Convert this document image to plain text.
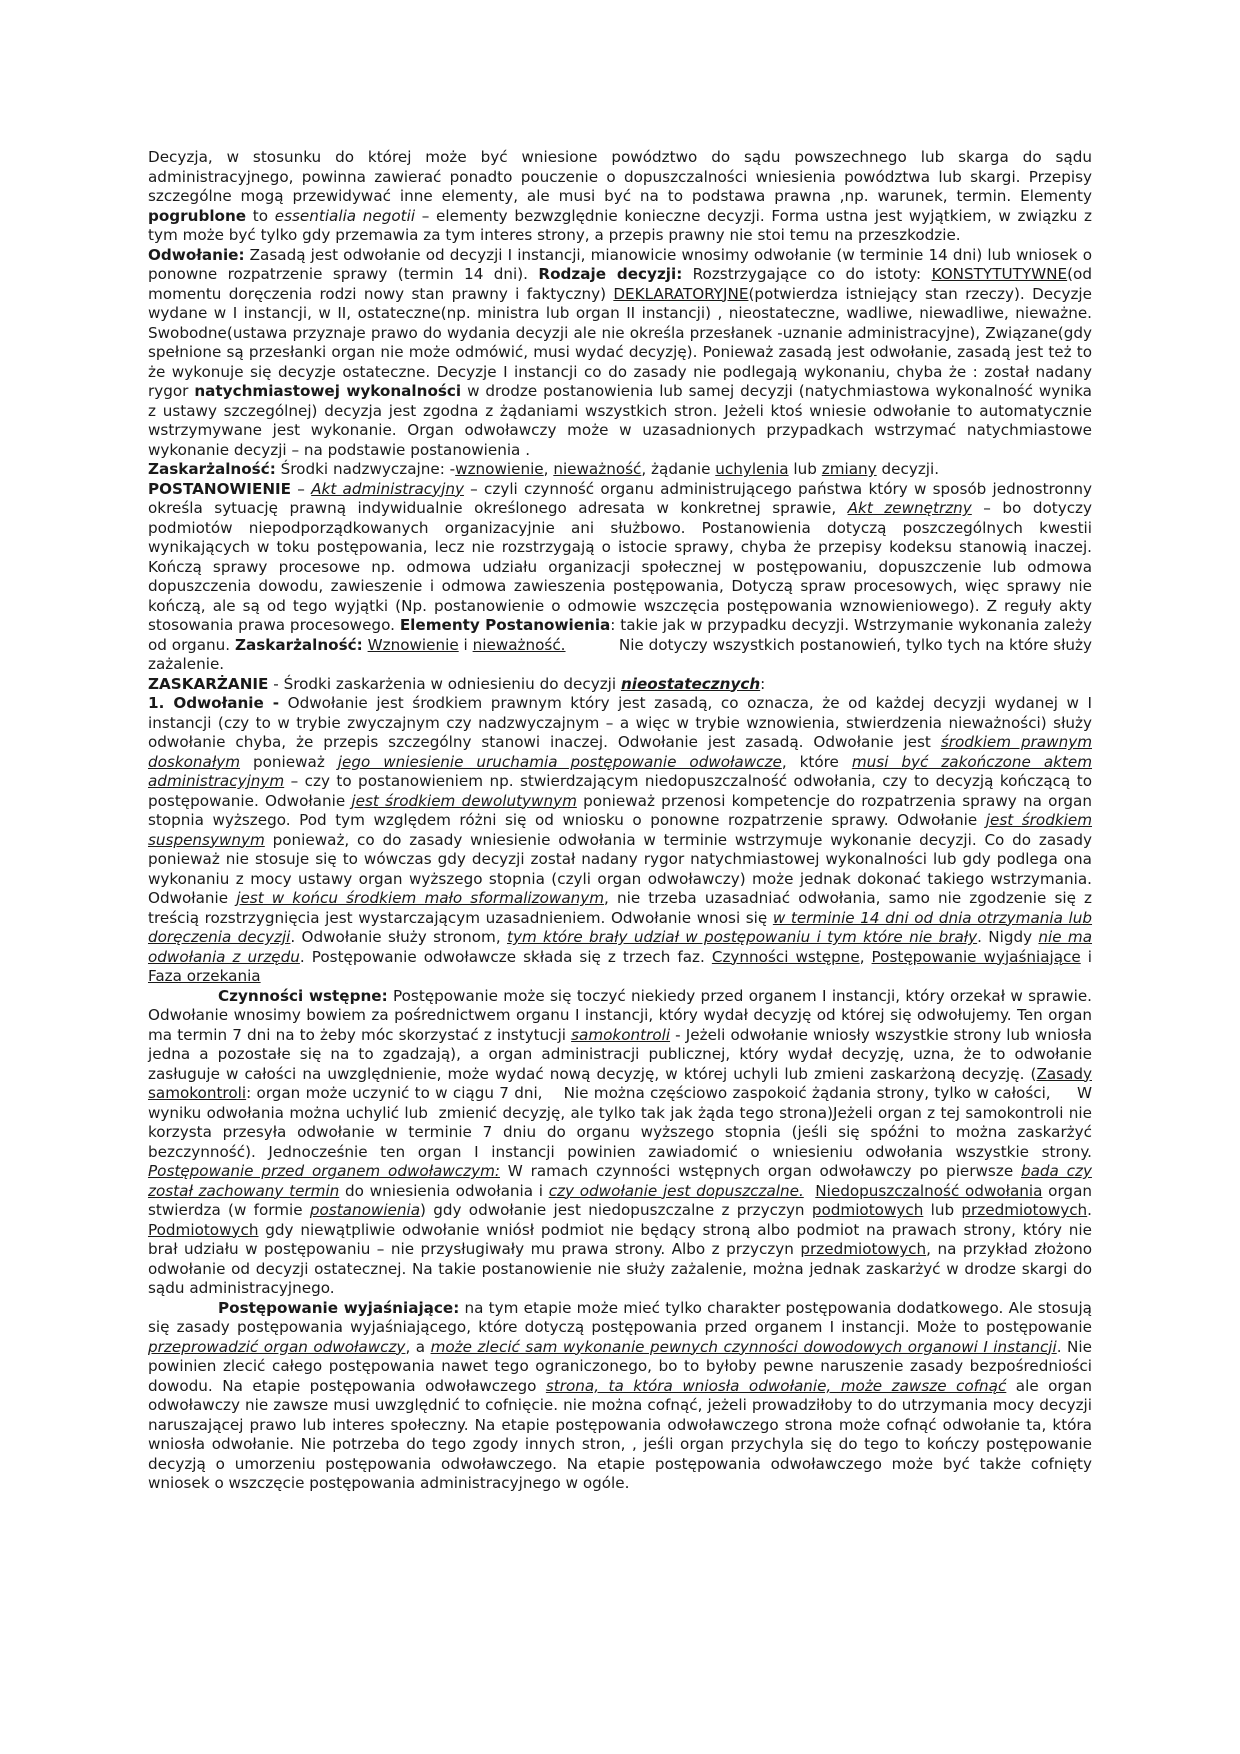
Decyzja, w stosunku do której może być wniesione powództwo do sądu powszechnego lub skarga do sądu administracyjnego, powinna zawierać ponadto pouczenie o dopuszczalności wniesienia powództwa lub skargi. Przepisy szczególne mogą przewidywać inne elementy, ale musi być na to podstawa prawna ,np. warunek, termin. Elementy pogrublone to essentialia negotii – elementy bezwzględnie konieczne decyzji. Forma ustna jest wyjątkiem, w związku z tym może być tylko gdy przemawia za tym interes strony, a przepis prawny nie stoi temu na przeszkodzie.

Odwołanie: Zasadą jest odwołanie od decyzji I instancji, mianowicie wnosimy odwołanie (w terminie 14 dni) lub wniosek o ponowne rozpatrzenie sprawy (termin 14 dni). Rodzaje decyzji: Rozstrzygające co do istoty: KONSTYTUTYWNE(od momentu doręczenia rodzi nowy stan prawny i faktyczny) DEKLARATORYJNE(potwierdza istniejący stan rzeczy). Decyzje wydane w I instancji, w II, ostateczne(np. ministra lub organ II instancji) , nieostateczne, wadliwe, niewadliwe, nieważne. Swobodne(ustawa przyznaje prawo do wydania decyzji ale nie określa przesłanek -uznanie administracyjne), Związane(gdy spełnione są przesłanki organ nie może odmówić, musi wydać decyzję). Ponieważ zasadą jest odwołanie, zasadą jest też to że wykonuje się decyzje ostateczne. Decyzje I instancji co do zasady nie podlegają wykonaniu, chyba że : został nadany rygor natychmiastowej wykonalności w drodze postanowienia lub samej decyzji (natychmiastowa wykonalność wynika z ustawy szczególnej) decyzja jest zgodna z żądaniami wszystkich stron. Jeżeli ktoś wniesie odwołanie to automatycznie wstrzymywane jest wykonanie. Organ odwoławczy może w uzasadnionych przypadkach wstrzymać natychmiastowe wykonanie decyzji – na podstawie postanowienia .

Zaskarżalność: Środki nadzwyczajne: -wznowienie, nieważność, żądanie uchylenia lub zmiany decyzji.

POSTANOWIENIE – Akt administracyjny – czyli czynność organu administrującego państwa który w sposób jednostronny określa sytuację prawną indywidualnie określonego adresata w konkretnej sprawie, Akt zewnętrzny – bo dotyczy podmiotów niepodporządkowanych organizacyjnie ani służbowo. Postanowienia dotyczą poszczególnych kwestii wynikających w toku postępowania, lecz nie rozstrzygają o istocie sprawy, chyba że przepisy kodeksu stanowią inaczej. Kończą sprawy procesowe np. odmowa udziału organizacji społecznej w postępowaniu, dopuszczenie lub odmowa dopuszczenia dowodu, zawieszenie i odmowa zawieszenia postępowania, Dotyczą spraw procesowych, więc sprawy nie kończą, ale są od tego wyjątki (Np. postanowienie o odmowie wszczęcia postępowania wznowieniowego). Z reguły akty stosowania prawa procesowego. Elementy Postanowienia: takie jak w przypadku decyzji. Wstrzymanie wykonania zależy od organu. Zaskarżalność: Wznowienie i nieważność.           Nie dotyczy wszystkich postanowień, tylko tych na które służy zażalenie.

ZASKARŻANIE - Środki zaskarżenia w odniesieniu do decyzji nieostatecznych:

1. Odwołanie - Odwołanie jest środkiem prawnym który jest zasadą, co oznacza, że od każdej decyzji wydanej w I instancji (czy to w trybie zwyczajnym czy nadzwyczajnym – a więc w trybie wznowienia, stwierdzenia nieważności) służy odwołanie chyba, że przepis szczególny stanowi inaczej. Odwołanie jest zasadą. Odwołanie jest środkiem prawnym doskonałym ponieważ jego wniesienie uruchamia postępowanie odwoławcze, które musi być zakończone aktem administracyjnym – czy to postanowieniem np. stwierdzającym niedopuszczalność odwołania, czy to decyzją kończącą to postępowanie. Odwołanie jest środkiem dewolutywnym ponieważ przenosi kompetencje do rozpatrzenia sprawy na organ stopnia wyższego. Pod tym względem różni się od wniosku o ponowne rozpatrzenie sprawy. Odwołanie jest środkiem suspensywnym ponieważ, co do zasady wniesienie odwołania w terminie wstrzymuje wykonanie decyzji. Co do zasady ponieważ nie stosuje się to wówczas gdy decyzji został nadany rygor natychmiastowej wykonalności lub gdy podlega ona wykonaniu z mocy ustawy organ wyższego stopnia (czyli organ odwoławczy) może jednak dokonać takiego wstrzymania. Odwołanie jest w końcu środkiem mało sformalizowanym, nie trzeba uzasadniać odwołania, samo nie zgodzenie się z treścią rozstrzygnięcia jest wystarczającym uzasadnieniem. Odwołanie wnosi się w terminie 14 dni od dnia otrzymania lub doręczenia decyzji. Odwołanie służy stronom, tym które brały udział w postępowaniu i tym które nie brały. Nigdy nie ma odwołania z urzędu. Postępowanie odwoławcze składa się z trzech faz. Czynności wstępne, Postępowanie wyjaśniające i Faza orzekania

Czynności wstępne: Postępowanie może się toczyć niekiedy przed organem I instancji, który orzekał w sprawie. Odwołanie wnosimy bowiem za pośrednictwem organu I instancji, który wydał decyzję od której się odwołujemy. Ten organ ma termin 7 dni na to żeby móc skorzystać z instytucji samokontroli - Jeżeli odwołanie wniosły wszystkie strony lub wniosła jedna a pozostałe się na to zgadzają), a organ administracji publicznej, który wydał decyzję, uzna, że to odwołanie zasługuje w całości na uwzględnienie, może wydać nową decyzję, w której uchyli lub zmieni zaskarżoną decyzję. (Zasady samokontroli: organ może uczynić to w ciągu 7 dni,    Nie można częściowo zaspokoić żądania strony, tylko w całości,     W wyniku odwołania można uchylić lub  zmienić decyzję, ale tylko tak jak żąda tego strona)Jeżeli organ z tej samokontroli nie korzysta przesyła odwołanie w terminie 7 dniu do organu wyższego stopnia (jeśli się spóźni to można zaskarżyć bezczynność). Jednocześnie ten organ I instancji powinien zawiadomić o wniesieniu odwołania wszystkie strony. Postępowanie przed organem odwoławczym: W ramach czynności wstępnych organ odwoławczy po pierwsze bada czy został zachowany termin do wniesienia odwołania i czy odwołanie jest dopuszczalne. Niedopuszczalność odwołania organ stwierdza (w formie postanowienia) gdy odwołanie jest niedopuszczalne z przyczyn podmiotowych lub przedmiotowych. Podmiotowych gdy niewątpliwie odwołanie wniósł podmiot nie będący stroną albo podmiot na prawach strony, który nie brał udziału w postępowaniu – nie przysługiwały mu prawa strony. Albo z przyczyn przedmiotowych, na przykład złożono odwołanie od decyzji ostatecznej. Na takie postanowienie nie służy zażalenie, można jednak zaskarżyć w drodze skargi do sądu administracyjnego.

Postępowanie wyjaśniające: na tym etapie może mieć tylko charakter postępowania dodatkowego. Ale stosują się zasady postępowania wyjaśniającego, które dotyczą postępowania przed organem I instancji. Może to postępowanie przeprowadzić organ odwoławczy, a może zlecić sam wykonanie pewnych czynności dowodowych organowi I instancji. Nie powinien zlecić całego postępowania nawet tego ograniczonego, bo to byłoby pewne naruszenie zasady bezpośredniości dowodu. Na etapie postępowania odwoławczego strona, ta która wniosła odwołanie, może zawsze cofnąć ale organ odwoławczy nie zawsze musi uwzględnić to cofnięcie. nie można cofnąć, jeżeli prowadziłoby to do utrzymania mocy decyzji naruszającej prawo lub interes społeczny. Na etapie postępowania odwoławczego strona może cofnąć odwołanie ta, która wniosła odwołanie. Nie potrzeba do tego zgody innych stron, , jeśli organ przychyla się do tego to kończy postępowanie decyzją o umorzeniu postępowania odwoławczego. Na etapie postępowania odwoławczego może być także cofnięty wniosek o wszczęcie postępowania administracyjnego w ogóle.
